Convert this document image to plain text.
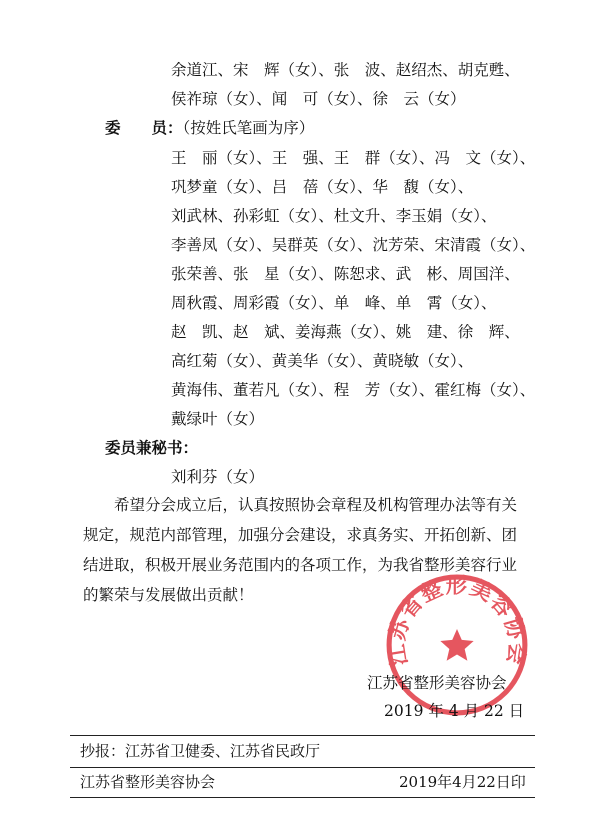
余道江、宋　辉（女）、张　波、赵绍杰、胡克甦、
侯祚琼（女）、闻　可（女）、徐　云（女）
委　　员：（按姓氏笔画为序）
王　丽（女）、王　强、王　群（女）、冯　文（女）、
巩梦童（女）、吕　蓓（女）、华　馥（女）、
刘武林、孙彩虹（女）、杜文升、李玉娟（女）、
李善凤（女）、吴群英（女）、沈芳荣、宋清霞（女）、
张荣善、张　星（女）、陈恕求、武　彬、周国洋、
周秋霞、周彩霞（女）、单　峰、单　霄（女）、
赵　凯、赵　斌、姜海燕（女）、姚　建、徐　辉、
高红菊（女）、黄美华（女）、黄晓敏（女）、
黄海伟、董若凡（女）、程　芳（女）、霍红梅（女）、
戴绿叶（女）
委员兼秘书：
刘利芬（女）

希望分会成立后，认真按照协会章程及机构管理办法等有关

规定，规范内部管理，加强分会建设，求真务实、开拓创新、团

结进取，积极开展业务范围内的各项工作，为我省整形美容行业

的繁荣与发展做出贡献！

江苏省整形美容协会
江苏省整形美容协会
2019 年 4 月 22 日
抄报：江苏省卫健委、江苏省民政厅
江苏省整形美容协会	2019年4月22日印
